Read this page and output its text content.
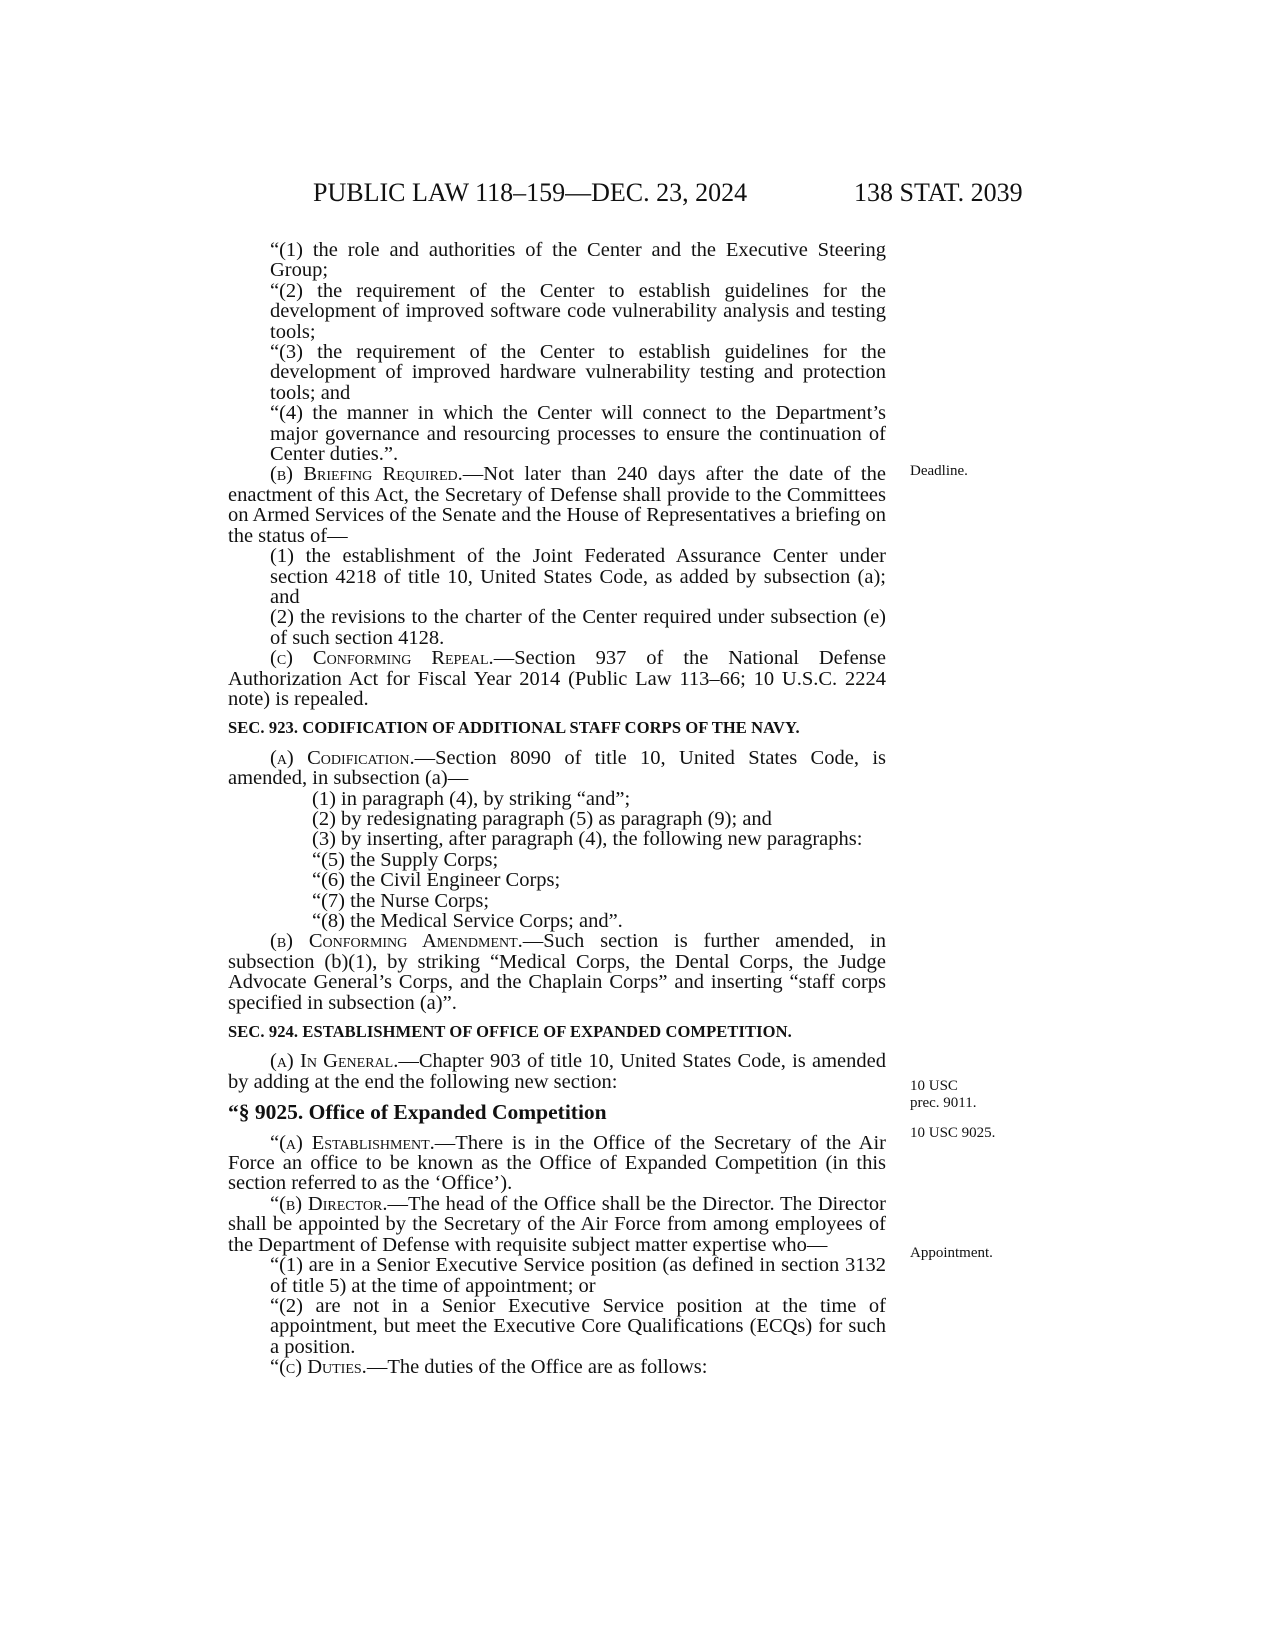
PUBLIC LAW 118–159—DEC. 23, 2024	138 STAT. 2039

“(1) the role and authorities of the Center and the Executive Steering Group;

“(2) the requirement of the Center to establish guidelines for the development of improved software code vulnerability analysis and testing tools;

“(3) the requirement of the Center to establish guidelines for the development of improved hardware vulnerability testing and protection tools; and

“(4) the manner in which the Center will connect to the Department’s major governance and resourcing processes to ensure the continuation of Center duties.”.

(b) Briefing Required.—Not later than 240 days after the date of the enactment of this Act, the Secretary of Defense shall provide to the Committees on Armed Services of the Senate and the House of Representatives a briefing on the status of—

(1) the establishment of the Joint Federated Assurance Center under section 4218 of title 10, United States Code, as added by subsection (a); and

(2) the revisions to the charter of the Center required under subsection (e) of such section 4128.

(c) Conforming Repeal.—Section 937 of the National Defense Authorization Act for Fiscal Year 2014 (Public Law 113–66; 10 U.S.C. 2224 note) is repealed.

SEC. 923. CODIFICATION OF ADDITIONAL STAFF CORPS OF THE NAVY.

(a) Codification.—Section 8090 of title 10, United States Code, is amended, in subsection (a)—

(1) in paragraph (4), by striking “and”;

(2) by redesignating paragraph (5) as paragraph (9); and

(3) by inserting, after paragraph (4), the following new paragraphs:

“(5) the Supply Corps;

“(6) the Civil Engineer Corps;

“(7) the Nurse Corps;

“(8) the Medical Service Corps; and”.

(b) Conforming Amendment.—Such section is further amended, in subsection (b)(1), by striking “Medical Corps, the Dental Corps, the Judge Advocate General’s Corps, and the Chaplain Corps” and inserting “staff corps specified in subsection (a)”.

SEC. 924. ESTABLISHMENT OF OFFICE OF EXPANDED COMPETITION.

(a) In General.—Chapter 903 of title 10, United States Code, is amended by adding at the end the following new section:

“§ 9025. Office of Expanded Competition

“(a) Establishment.—There is in the Office of the Secretary of the Air Force an office to be known as the Office of Expanded Competition (in this section referred to as the ‘Office’).

“(b) Director.—The head of the Office shall be the Director. The Director shall be appointed by the Secretary of the Air Force from among employees of the Department of Defense with requisite subject matter expertise who—

“(1) are in a Senior Executive Service position (as defined in section 3132 of title 5) at the time of appointment; or

“(2) are not in a Senior Executive Service position at the time of appointment, but meet the Executive Core Qualifications (ECQs) for such a position.

“(c) Duties.—The duties of the Office are as follows:

Deadline.
10 USC
prec. 9011.
10 USC 9025.
Appointment.
